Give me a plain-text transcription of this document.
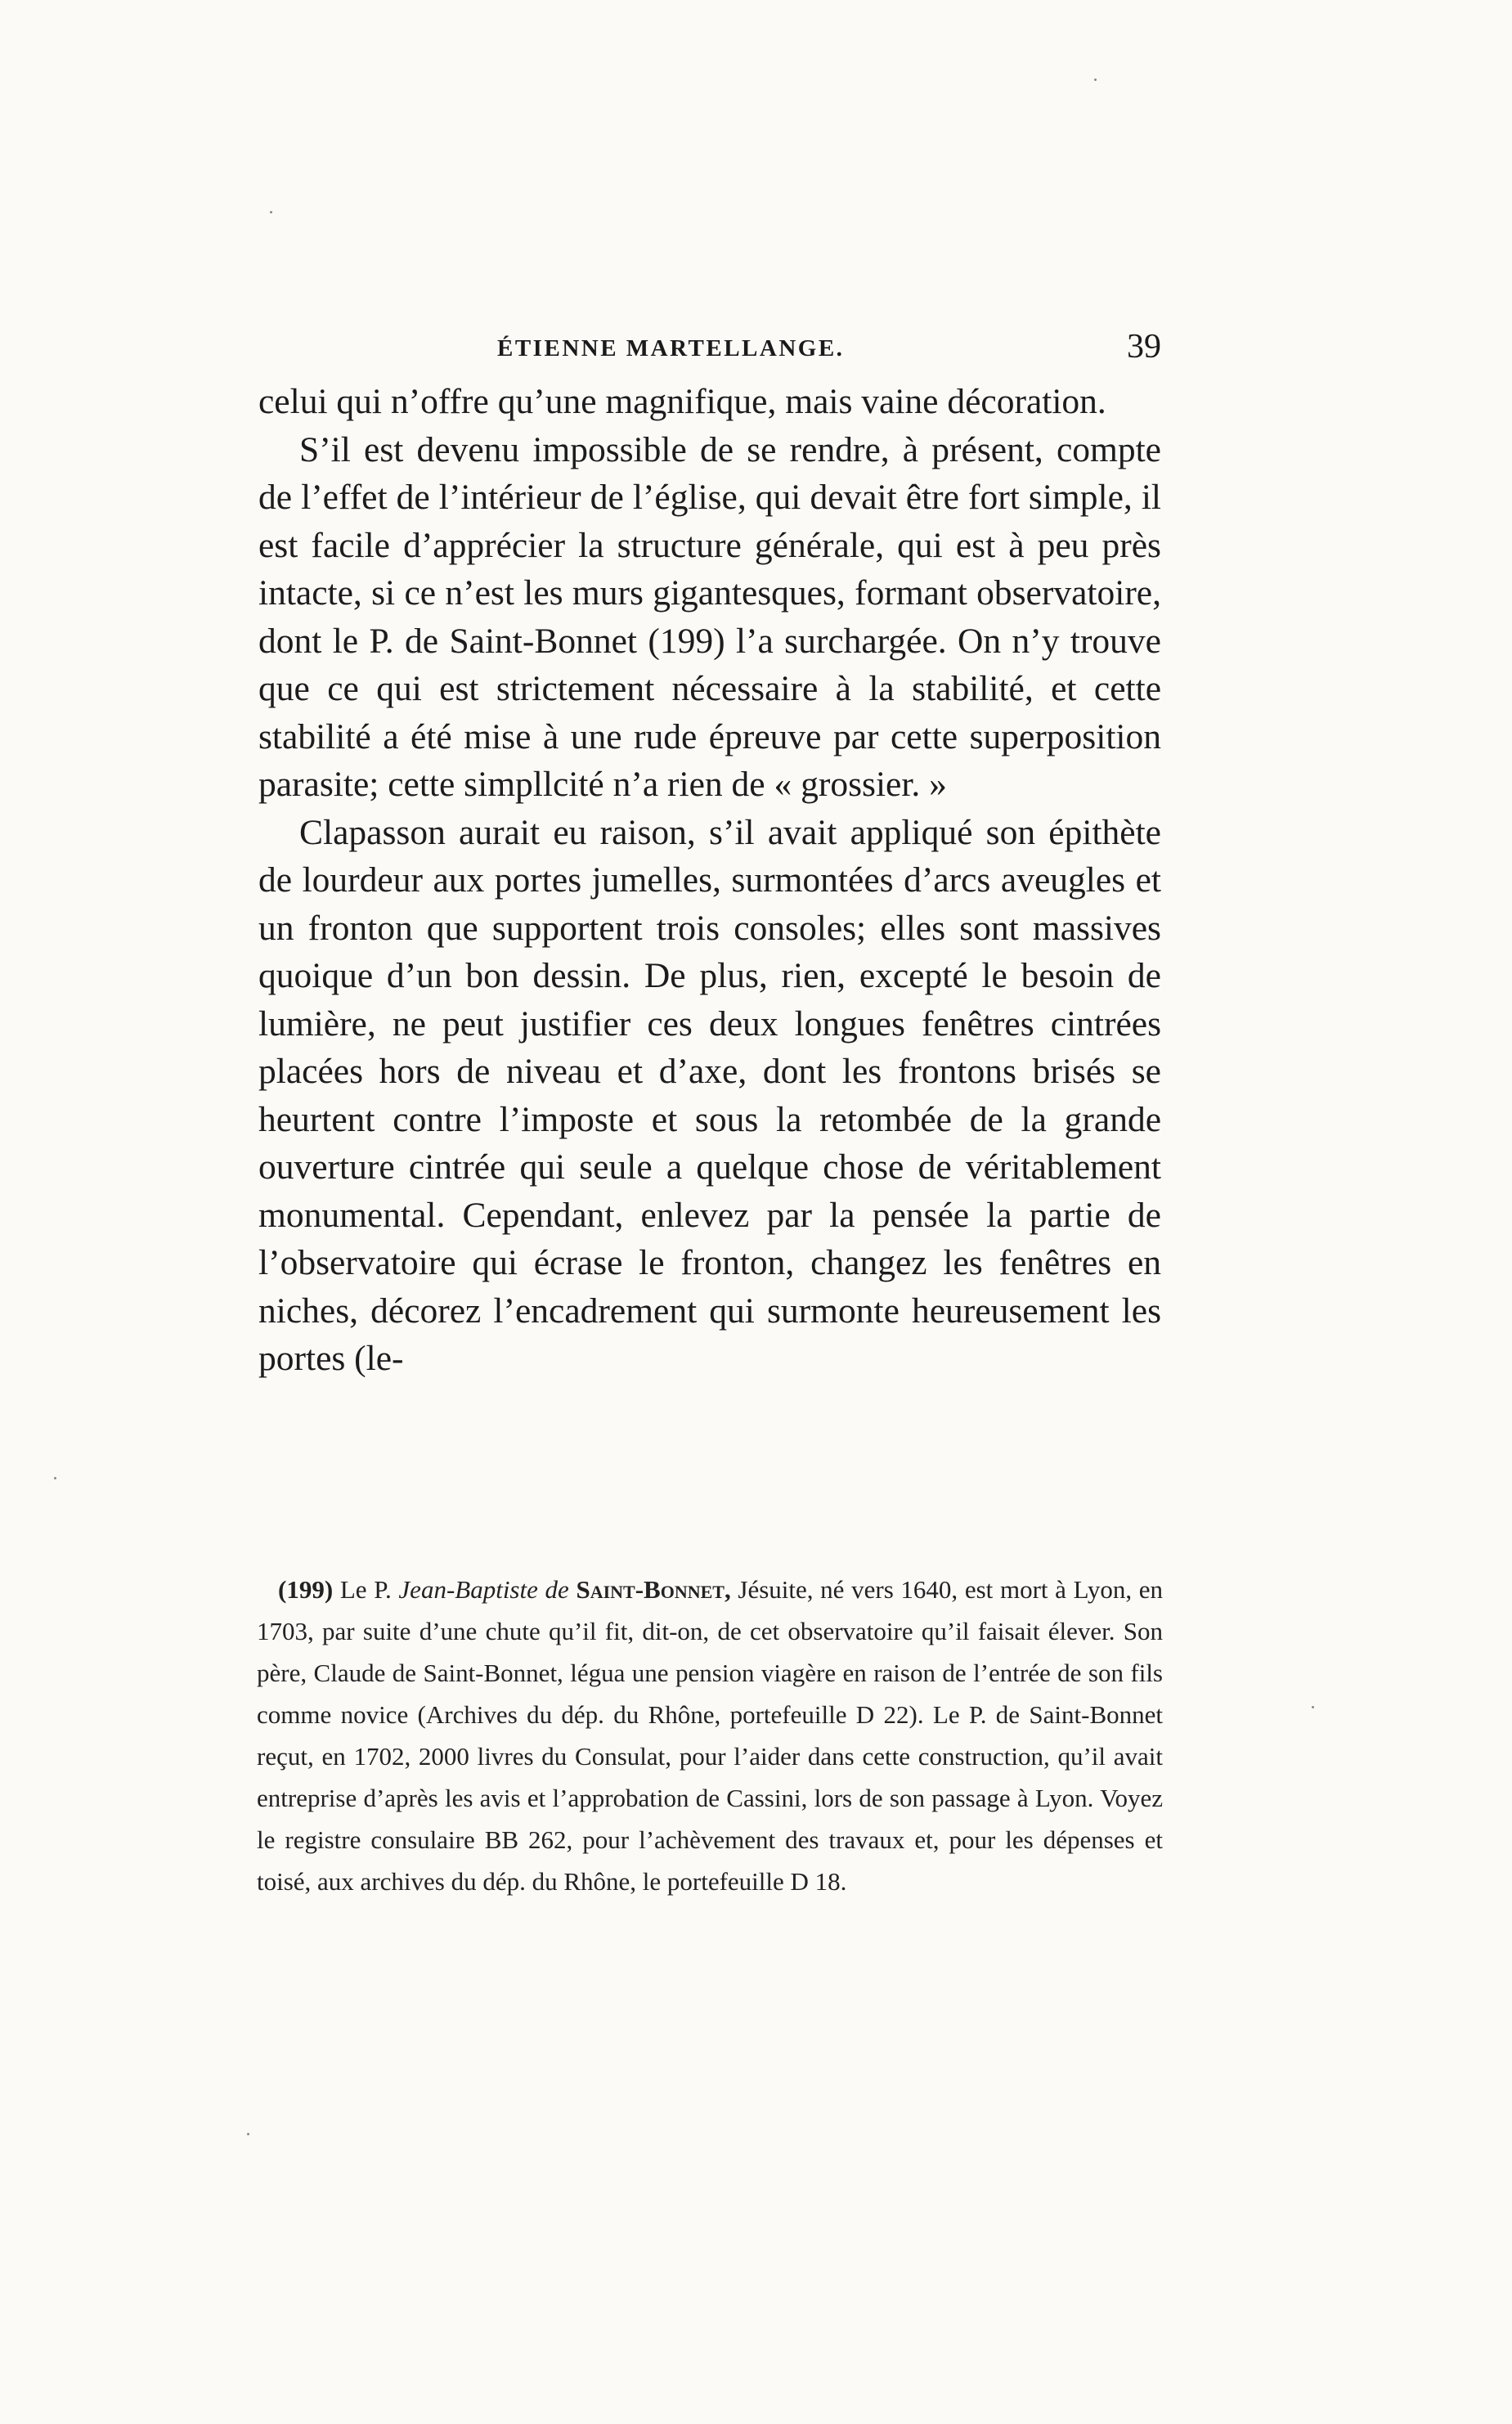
ÉTIENNE MARTELLANGE.	39

celui qui n’offre qu’une magnifique, mais vaine décoration.

S’il est devenu impossible de se rendre, à présent, compte de l’effet de l’intérieur de l’église, qui devait être fort simple, il est facile d’apprécier la structure générale, qui est à peu près intacte, si ce n’est les murs gigantesques, formant observatoire, dont le P. de Saint-Bonnet (199) l’a surchargée. On n’y trouve que ce qui est strictement nécessaire à la stabilité, et cette stabilité a été mise à une rude épreuve par cette superposition parasite; cette simpllcité n’a rien de « grossier. »

Clapasson aurait eu raison, s’il avait appliqué son épithète de lourdeur aux portes jumelles, surmontées d’arcs aveugles et un fronton que supportent trois consoles; elles sont massives quoique d’un bon dessin. De plus, rien, excepté le besoin de lumière, ne peut justifier ces deux longues fenêtres cintrées placées hors de niveau et d’axe, dont les frontons brisés se heurtent contre l’imposte et sous la retombée de la grande ouverture cintrée qui seule a quelque chose de véritablement monumental. Cependant, enlevez par la pensée la partie de l’observatoire qui écrase le fronton, changez les fenêtres en niches, décorez l’encadrement qui surmonte heureusement les portes (le-

(199) Le P. Jean-Baptiste de Saint-Bonnet, Jésuite, né vers 1640, est mort à Lyon, en 1703, par suite d’une chute qu’il fit, dit-on, de cet observatoire qu’il faisait élever. Son père, Claude de Saint-Bonnet, légua une pension viagère en raison de l’entrée de son fils comme novice (Archives du dép. du Rhône, portefeuille D 22). Le P. de Saint-Bonnet reçut, en 1702, 2000 livres du Consulat, pour l’aider dans cette construction, qu’il avait entreprise d’après les avis et l’approbation de Cassini, lors de son passage à Lyon. Voyez le registre consulaire BB 262, pour l’achèvement des travaux et, pour les dépenses et toisé, aux archives du dép. du Rhône, le portefeuille D 18.
